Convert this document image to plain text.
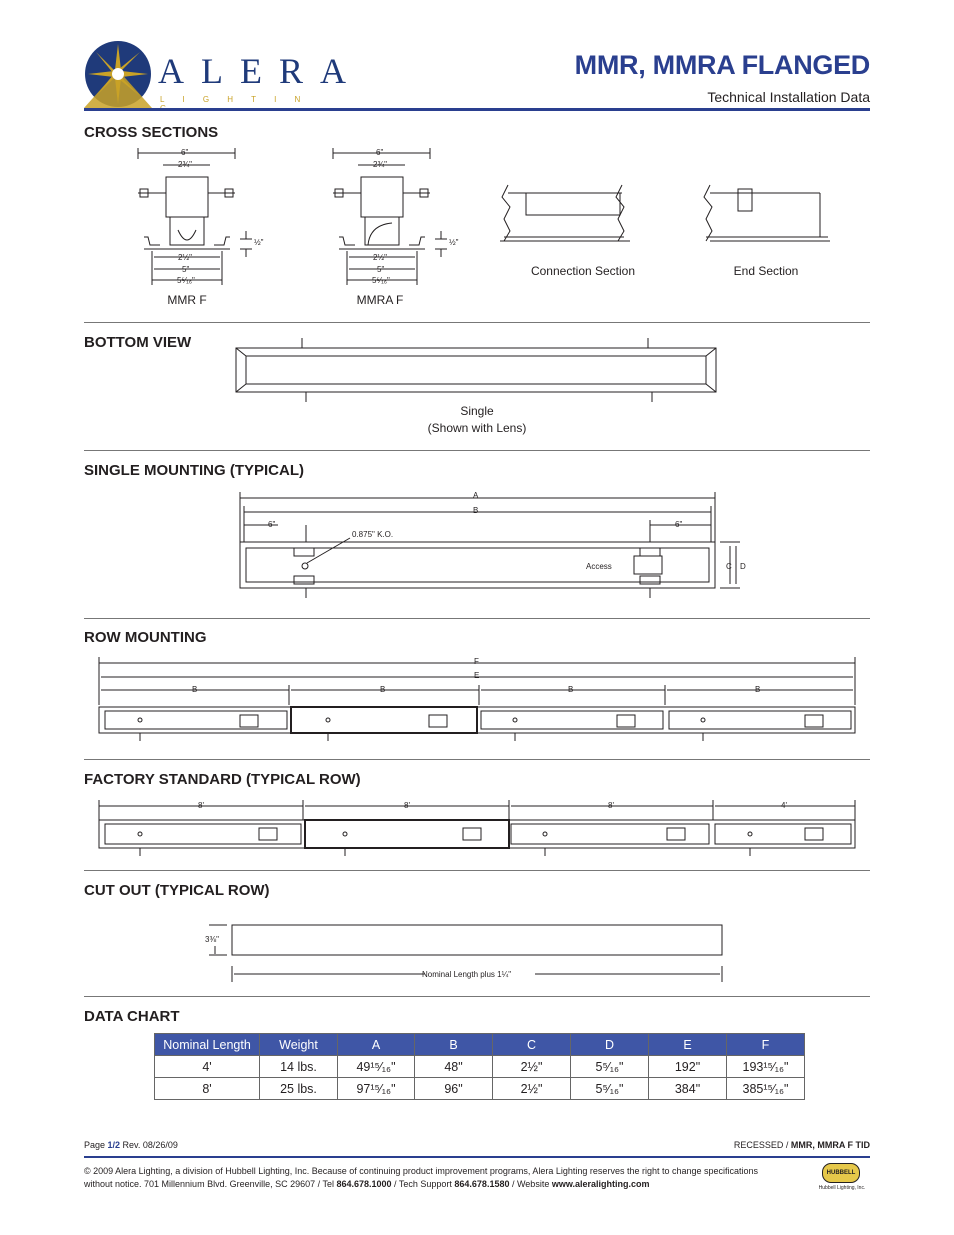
ALERA
L I G H T I N
MMR, MMRA FLANGED
Technical Installation Data
CROSS SECTIONS
6"
2¾"
½"
2½"
5"
5⁵⁄₁₆"
6"
2¾"
½"
2½"
5"
5⁵⁄₁₆"
MMR F	MMRA F
Connection Section	End Section
BOTTOM VIEW
Single
(Shown with Lens)
SINGLE MOUNTING (TYPICAL)
A
B
6"	6"
0.875" K.O.
Access	C D
ROW MOUNTING
F
E
B	B	B	B
FACTORY STANDARD (TYPICAL ROW)
8'	8'	8'	4'
CUT OUT (TYPICAL ROW)
3⅜"
Nominal Length plus 1¼"
DATA CHART
Nominal Length	Weight	A	B	C	D	E	F
4'	14 lbs.	49¹⁵⁄₁₆"	48"	2½"	5⁵⁄₁₆"	192"	193¹⁵⁄₁₆"
8'	25 lbs.	97¹⁵⁄₁₆"	96"	2½"	5⁵⁄₁₆"	384"	385¹⁵⁄₁₆"
Page 1/2 Rev. 08/26/09	RECESSED / MMR, MMRA F TID
© 2009 Alera Lighting, a division of Hubbell Lighting, Inc. Because of continuing product improvement programs, Alera Lighting reserves the right to change specifications
without notice. 701 Millennium Blvd. Greenville, SC 29607 / Tel 864.678.1000 / Tech Support 864.678.1580 / Website www.aleralighting.com
HUBBELL
Hubbell Lighting, Inc.
